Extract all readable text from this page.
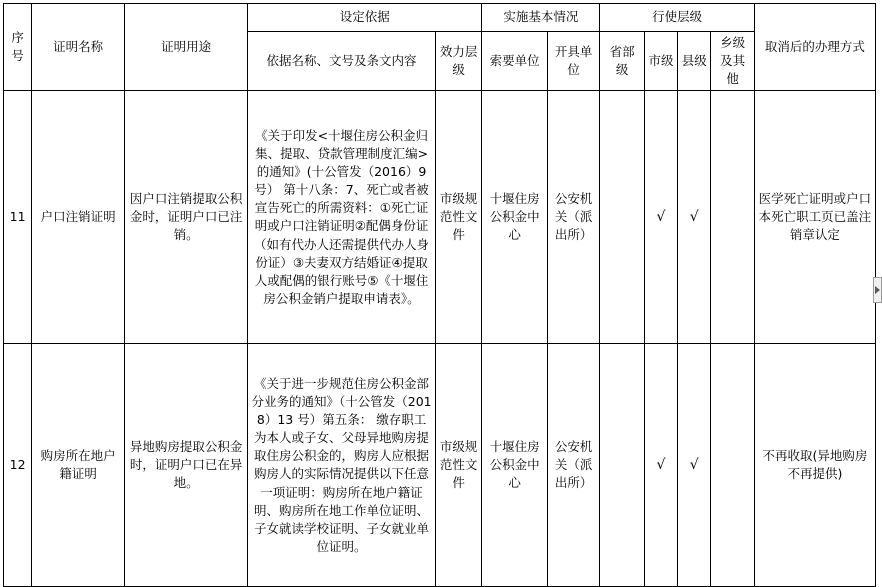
序号	证明名称	证明用途	设定依据		实施基本情况		行使层级				取消后的办理方式
			依据名称、文号及条文内容	效力层级	索要单位	开具单位	省部级	市级	县级	乡级及其他	
11	户口注销证明	因户口注销提取公积金时，证明户口已注销。	《关于印发<十堰住房公积金归集、提取、贷款管理制度汇编>的通知》(十公管发（2016）9 号） 第十八条：7、死亡或者被宣告死亡的所需资料：①死亡证明或户口注销证明②配偶身份证（如有代办人还需提供代办人身份证）③夫妻双方结婚证④提取人或配偶的银行账号⑤《十堰住房公积金销户提取申请表》。	市级规范性文件	十堰住房公积金中心	公安机关（派出所）		√	√		医学死亡证明或户口本死亡职工页已盖注销章认定
12	购房所在地户籍证明	异地购房提取公积金时，证明户口已在异地。	《关于进一步规范住房公积金部分业务的通知》（十公管发（2018）13 号）第五条： 缴存职工为本人或子女、父母异地购房提取住房公积金的，购房人应根据购房人的实际情况提供以下任意一项证明：购房所在地户籍证明、购房所在地工作单位证明、子女就读学校证明、子女就业单位证明。	市级规范性文件	十堰住房公积金中心	公安机关（派出所）		√	√		不再收取(异地购房不再提供)
